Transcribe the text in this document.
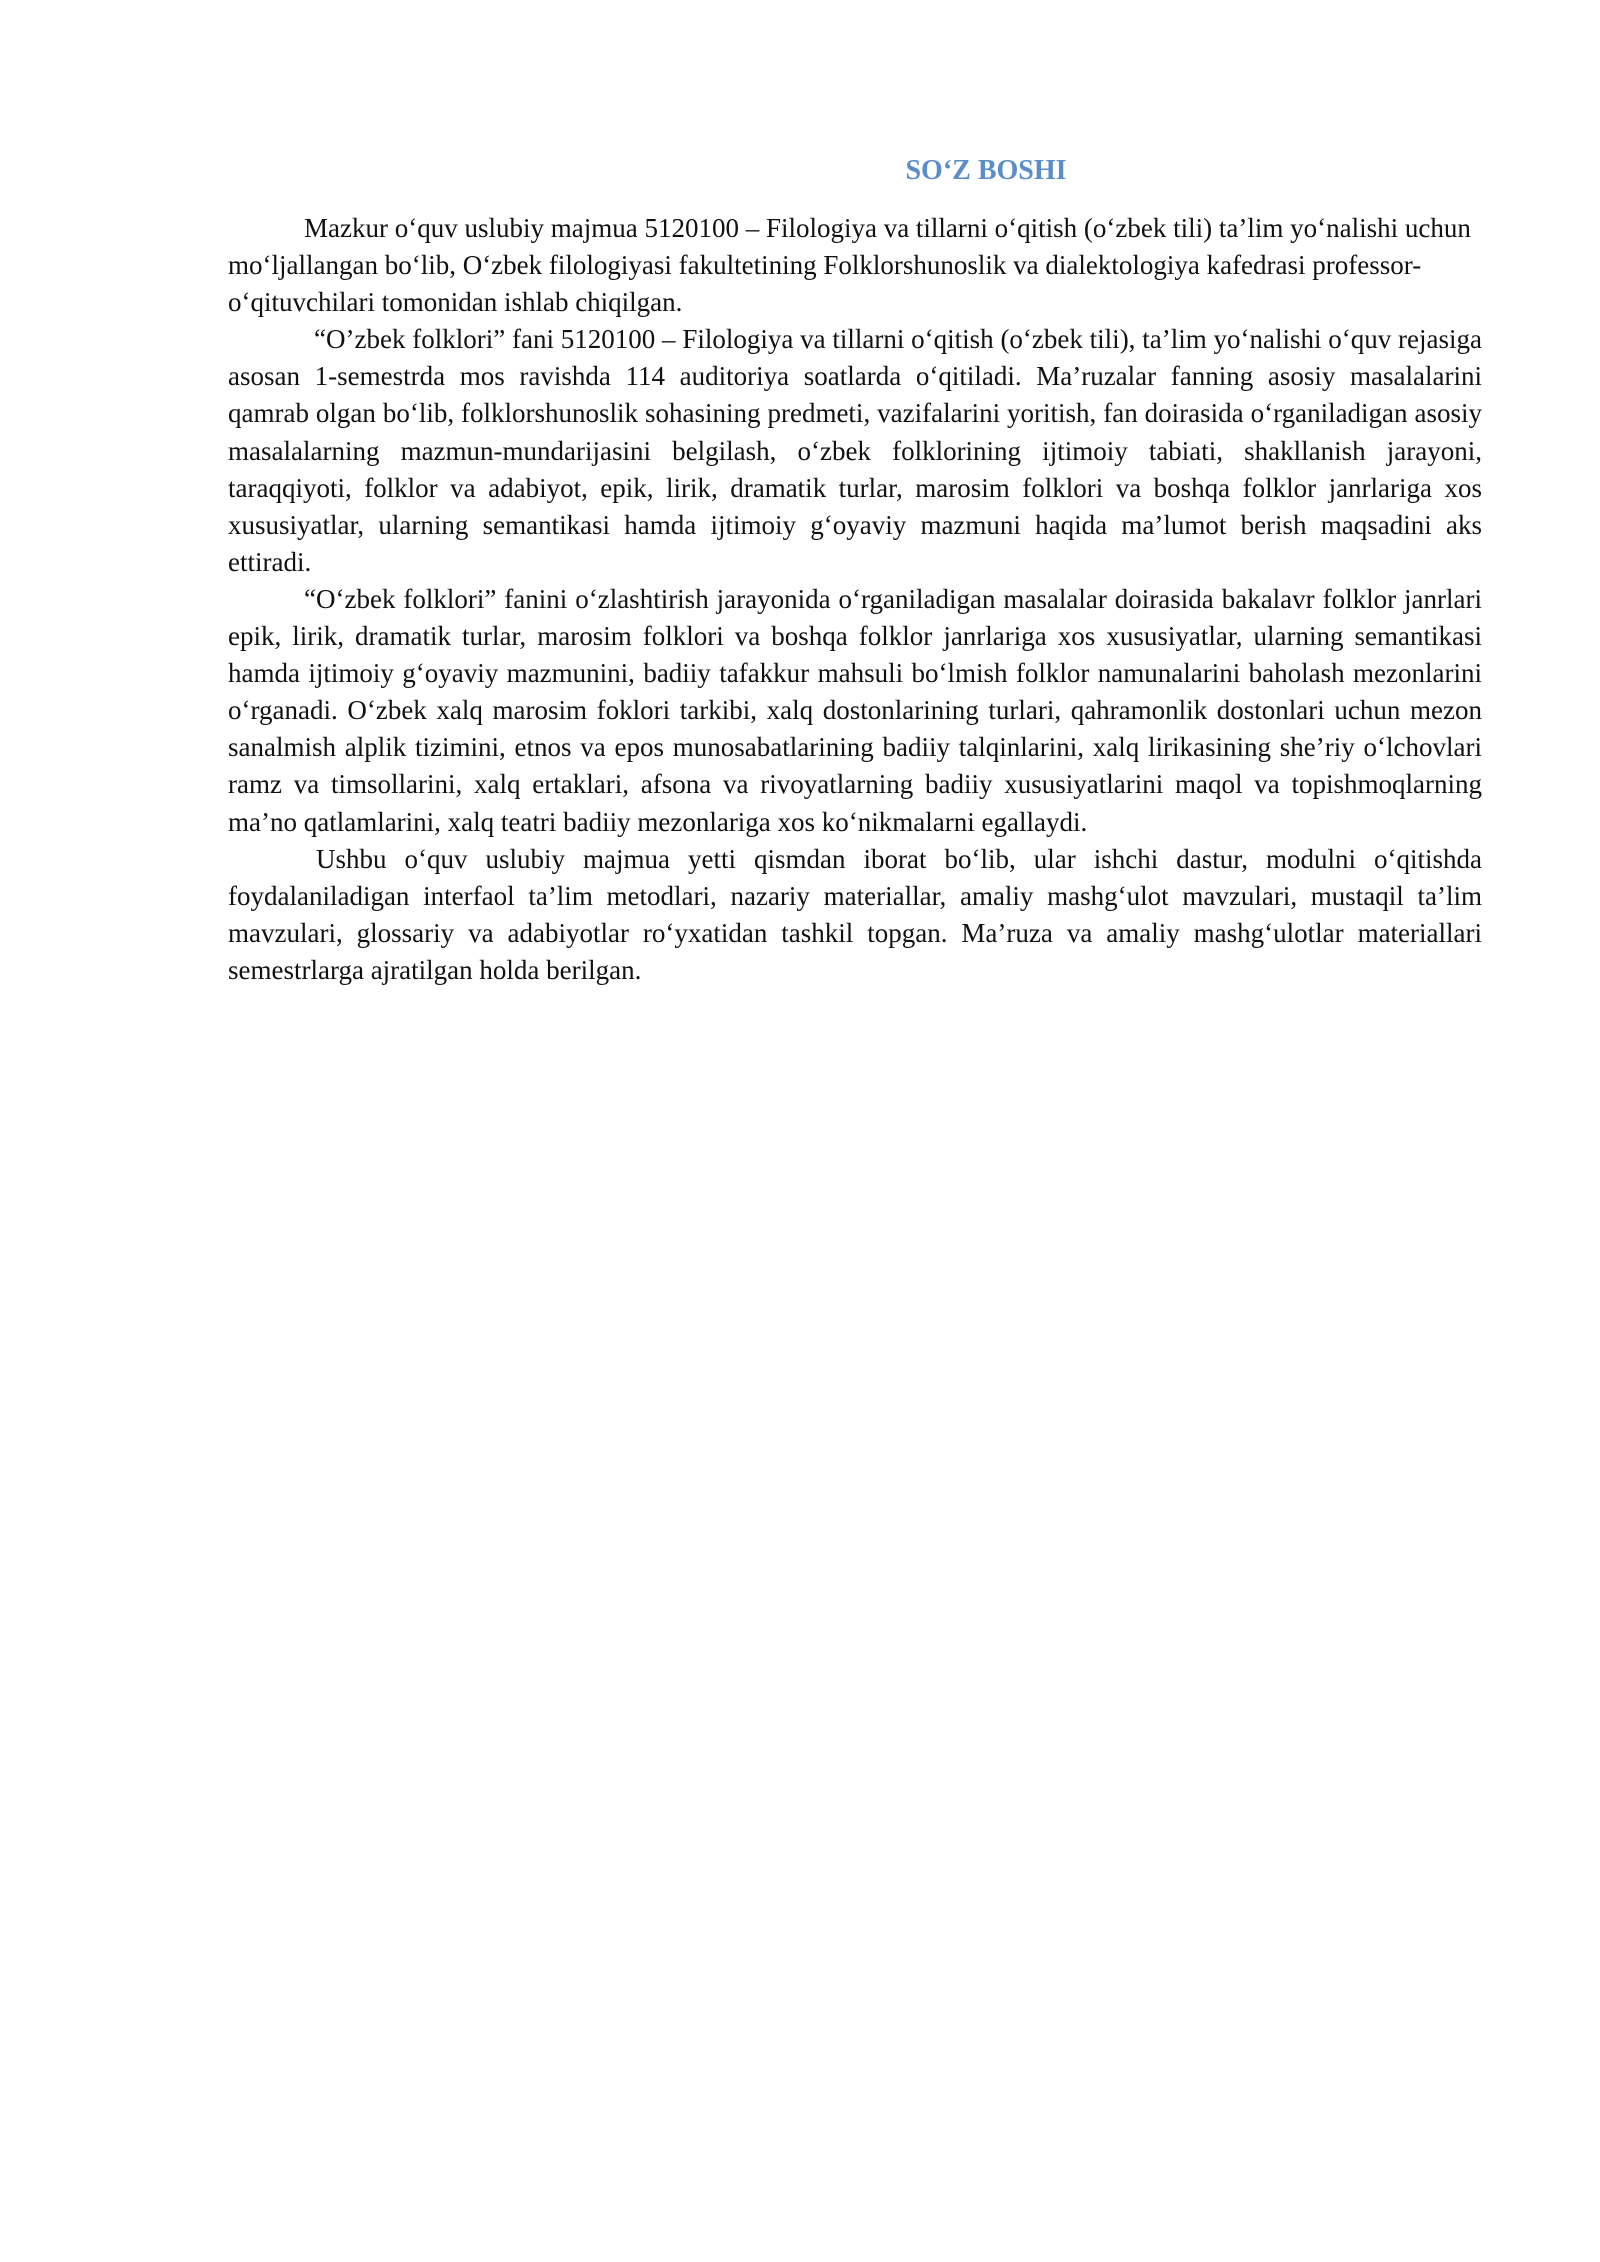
SO‘Z BOSHI

Mazkur o‘quv uslubiy majmua 5120100 – Filologiya va tillarni o‘qitish (o‘zbek tili) ta’lim yo‘nalishi uchun mo‘ljallangan bo‘lib, O‘zbek filologiyasi fakultetining Folklorshunoslik va dialektologiya kafedrasi professor-o‘qituvchilari tomonidan ishlab chiqilgan.

“O’zbek folklori” fani 5120100 – Filologiya va tillarni o‘qitish (o‘zbek tili), ta’lim yo‘nalishi o‘quv rejasiga asosan 1-semestrda mos ravishda 114 auditoriya soatlarda o‘qitiladi. Ma’ruzalar fanning asosiy masalalarini qamrab olgan bo‘lib, folklorshunoslik sohasining predmeti, vazifalarini yoritish, fan doirasida o‘rganiladigan asosiy masalalarning mazmun-mundarijasini belgilash, o‘zbek folklorining ijtimoiy tabiati, shakllanish jarayoni, taraqqiyoti, folklor va adabiyot, epik, lirik, dramatik turlar, marosim folklori va boshqa folklor janrlariga xos xususiyatlar, ularning semantikasi hamda ijtimoiy g‘oyaviy mazmuni haqida ma’lumot berish maqsadini aks ettiradi.

“O‘zbek folklori” fanini o‘zlashtirish jarayonida o‘rganiladigan masalalar doirasida bakalavr folklor janrlari epik, lirik, dramatik turlar, marosim folklori va boshqa folklor janrlariga xos xususiyatlar, ularning semantikasi hamda ijtimoiy g‘oyaviy mazmunini, badiiy tafakkur mahsuli bo‘lmish folklor namunalarini baholash mezonlarini o‘rganadi. O‘zbek xalq marosim foklori tarkibi, xalq dostonlarining turlari, qahramonlik dostonlari uchun mezon sanalmish alplik tizimini, etnos va epos munosabatlarining badiiy talqinlarini, xalq lirikasining she’riy o‘lchovlari ramz va timsollarini, xalq ertaklari, afsona va rivoyatlarning badiiy xususiyatlarini maqol va topishmoqlarning ma’no qatlamlarini, xalq teatri badiiy mezonlariga xos ko‘nikmalarni egallaydi.

Ushbu o‘quv uslubiy majmua yetti qismdan iborat bo‘lib, ular ishchi dastur, modulni o‘qitishda foydalaniladigan interfaol ta’lim metodlari, nazariy materiallar, amaliy mashg‘ulot mavzulari, mustaqil ta’lim mavzulari, glossariy va adabiyotlar ro‘yxatidan tashkil topgan. Ma’ruza va amaliy mashg‘ulotlar materiallari semestrlarga ajratilgan holda berilgan.
